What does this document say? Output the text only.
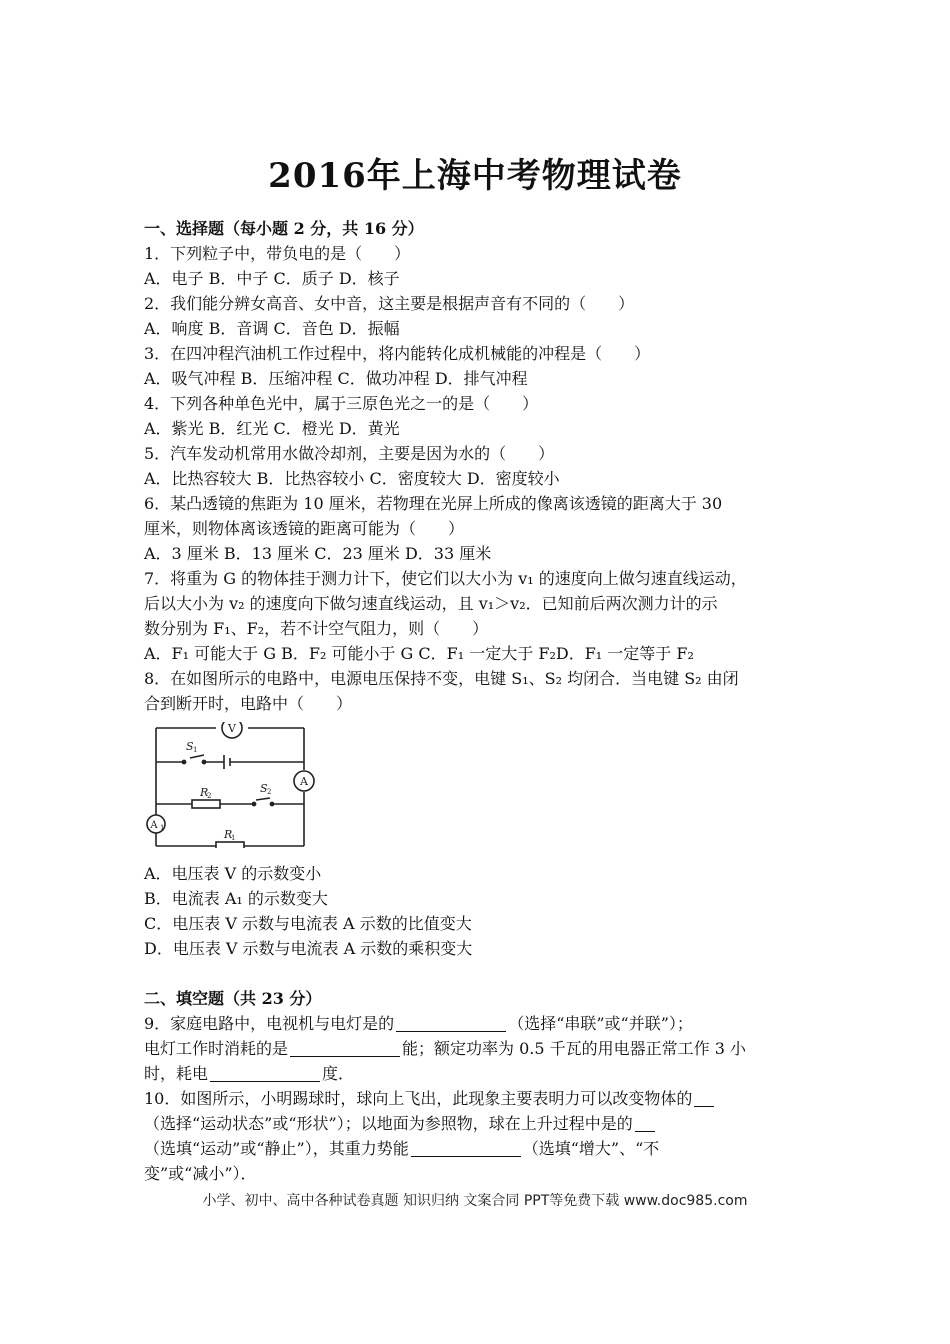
2016年上海中考物理试卷
一、选择题（每小题 2 分，共 16 分）
1．下列粒子中，带负电的是（　　）
A．电子 B．中子 C．质子 D．核子
2．我们能分辨女高音、女中音，这主要是根据声音有不同的（　　）
A．响度 B．音调 C．音色 D．振幅
3．在四冲程汽油机工作过程中，将内能转化成机械能的冲程是（　　）
A．吸气冲程 B．压缩冲程 C．做功冲程 D．排气冲程
4．下列各种单色光中，属于三原色光之一的是（　　）
A．紫光 B．红光 C．橙光 D．黄光
5．汽车发动机常用水做冷却剂，主要是因为水的（　　）
A．比热容较大 B．比热容较小 C．密度较大 D．密度较小
6．某凸透镜的焦距为 10 厘米，若物理在光屏上所成的像离该透镜的距离大于 30
厘米，则物体离该透镜的距离可能为（　　）
A．3 厘米 B．13 厘米 C．23 厘米 D．33 厘米
7．将重为 G 的物体挂于测力计下，使它们以大小为 v₁ 的速度向上做匀速直线运动，
后以大小为 v₂ 的速度向下做匀速直线运动，且 v₁＞v₂．已知前后两次测力计的示
数分别为 F₁、F₂，若不计空气阻力，则（　　）
A．F₁ 可能大于 G B．F₂ 可能小于 G C．F₁ 一定大于 F₂D．F₁ 一定等于 F₂
8．在如图所示的电路中，电源电压保持不变，电键 S₁、S₂ 均闭合．当电键 S₂ 由闭
合到断开时，电路中（　　）
V
A
A 1
S 1
S 2
R
2
R
1
A．电压表 V 的示数变小
B．电流表 A₁ 的示数变大
C．电压表 V 示数与电流表 A 示数的比值变大
D．电压表 V 示数与电流表 A 示数的乘积变大
二、填空题（共 23 分）
9．家庭电路中，电视机与电灯是的	（选择“串联”或“并联”）；
电灯工作时消耗的是	能；额定功率为 0.5 千瓦的用电器正常工作 3 小
时，耗电	度．
10．如图所示，小明踢球时，球向上飞出，此现象主要表明力可以改变物体的
（选择“运动状态”或“形状”）；以地面为参照物，球在上升过程中是的
（选填“运动”或“静止”），其重力势能	（选填“增大”、“不
变”或“减小”）．
小学、初中、高中各种试卷真题 知识归纳 文案合同 PPT等免费下载 www.doc985.com
